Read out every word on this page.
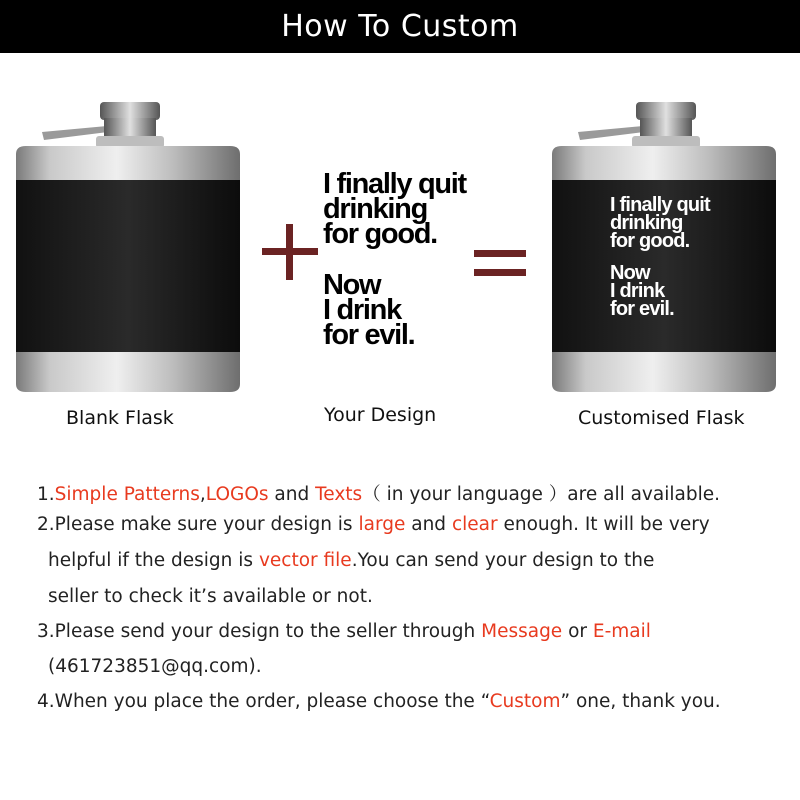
How To Custom

I finally quit

drinking

for good.

Now

I drink

for evil.

I finally quit

drinking

for good.

Now

I drink

for evil.

Blank Flask	Your Design	Customised Flask
1.Simple Patterns,LOGOs and Texts（ in your language ）are all available.
2.Please make sure your design is large and clear enough. It will be very
helpful if the design is vector file.You can send your design to the
seller to check it’s available or not.
3.Please send your design to the seller through Message or E-mail
(461723851@qq.com).
4.When you place the order, please choose the “Custom” one, thank you.
